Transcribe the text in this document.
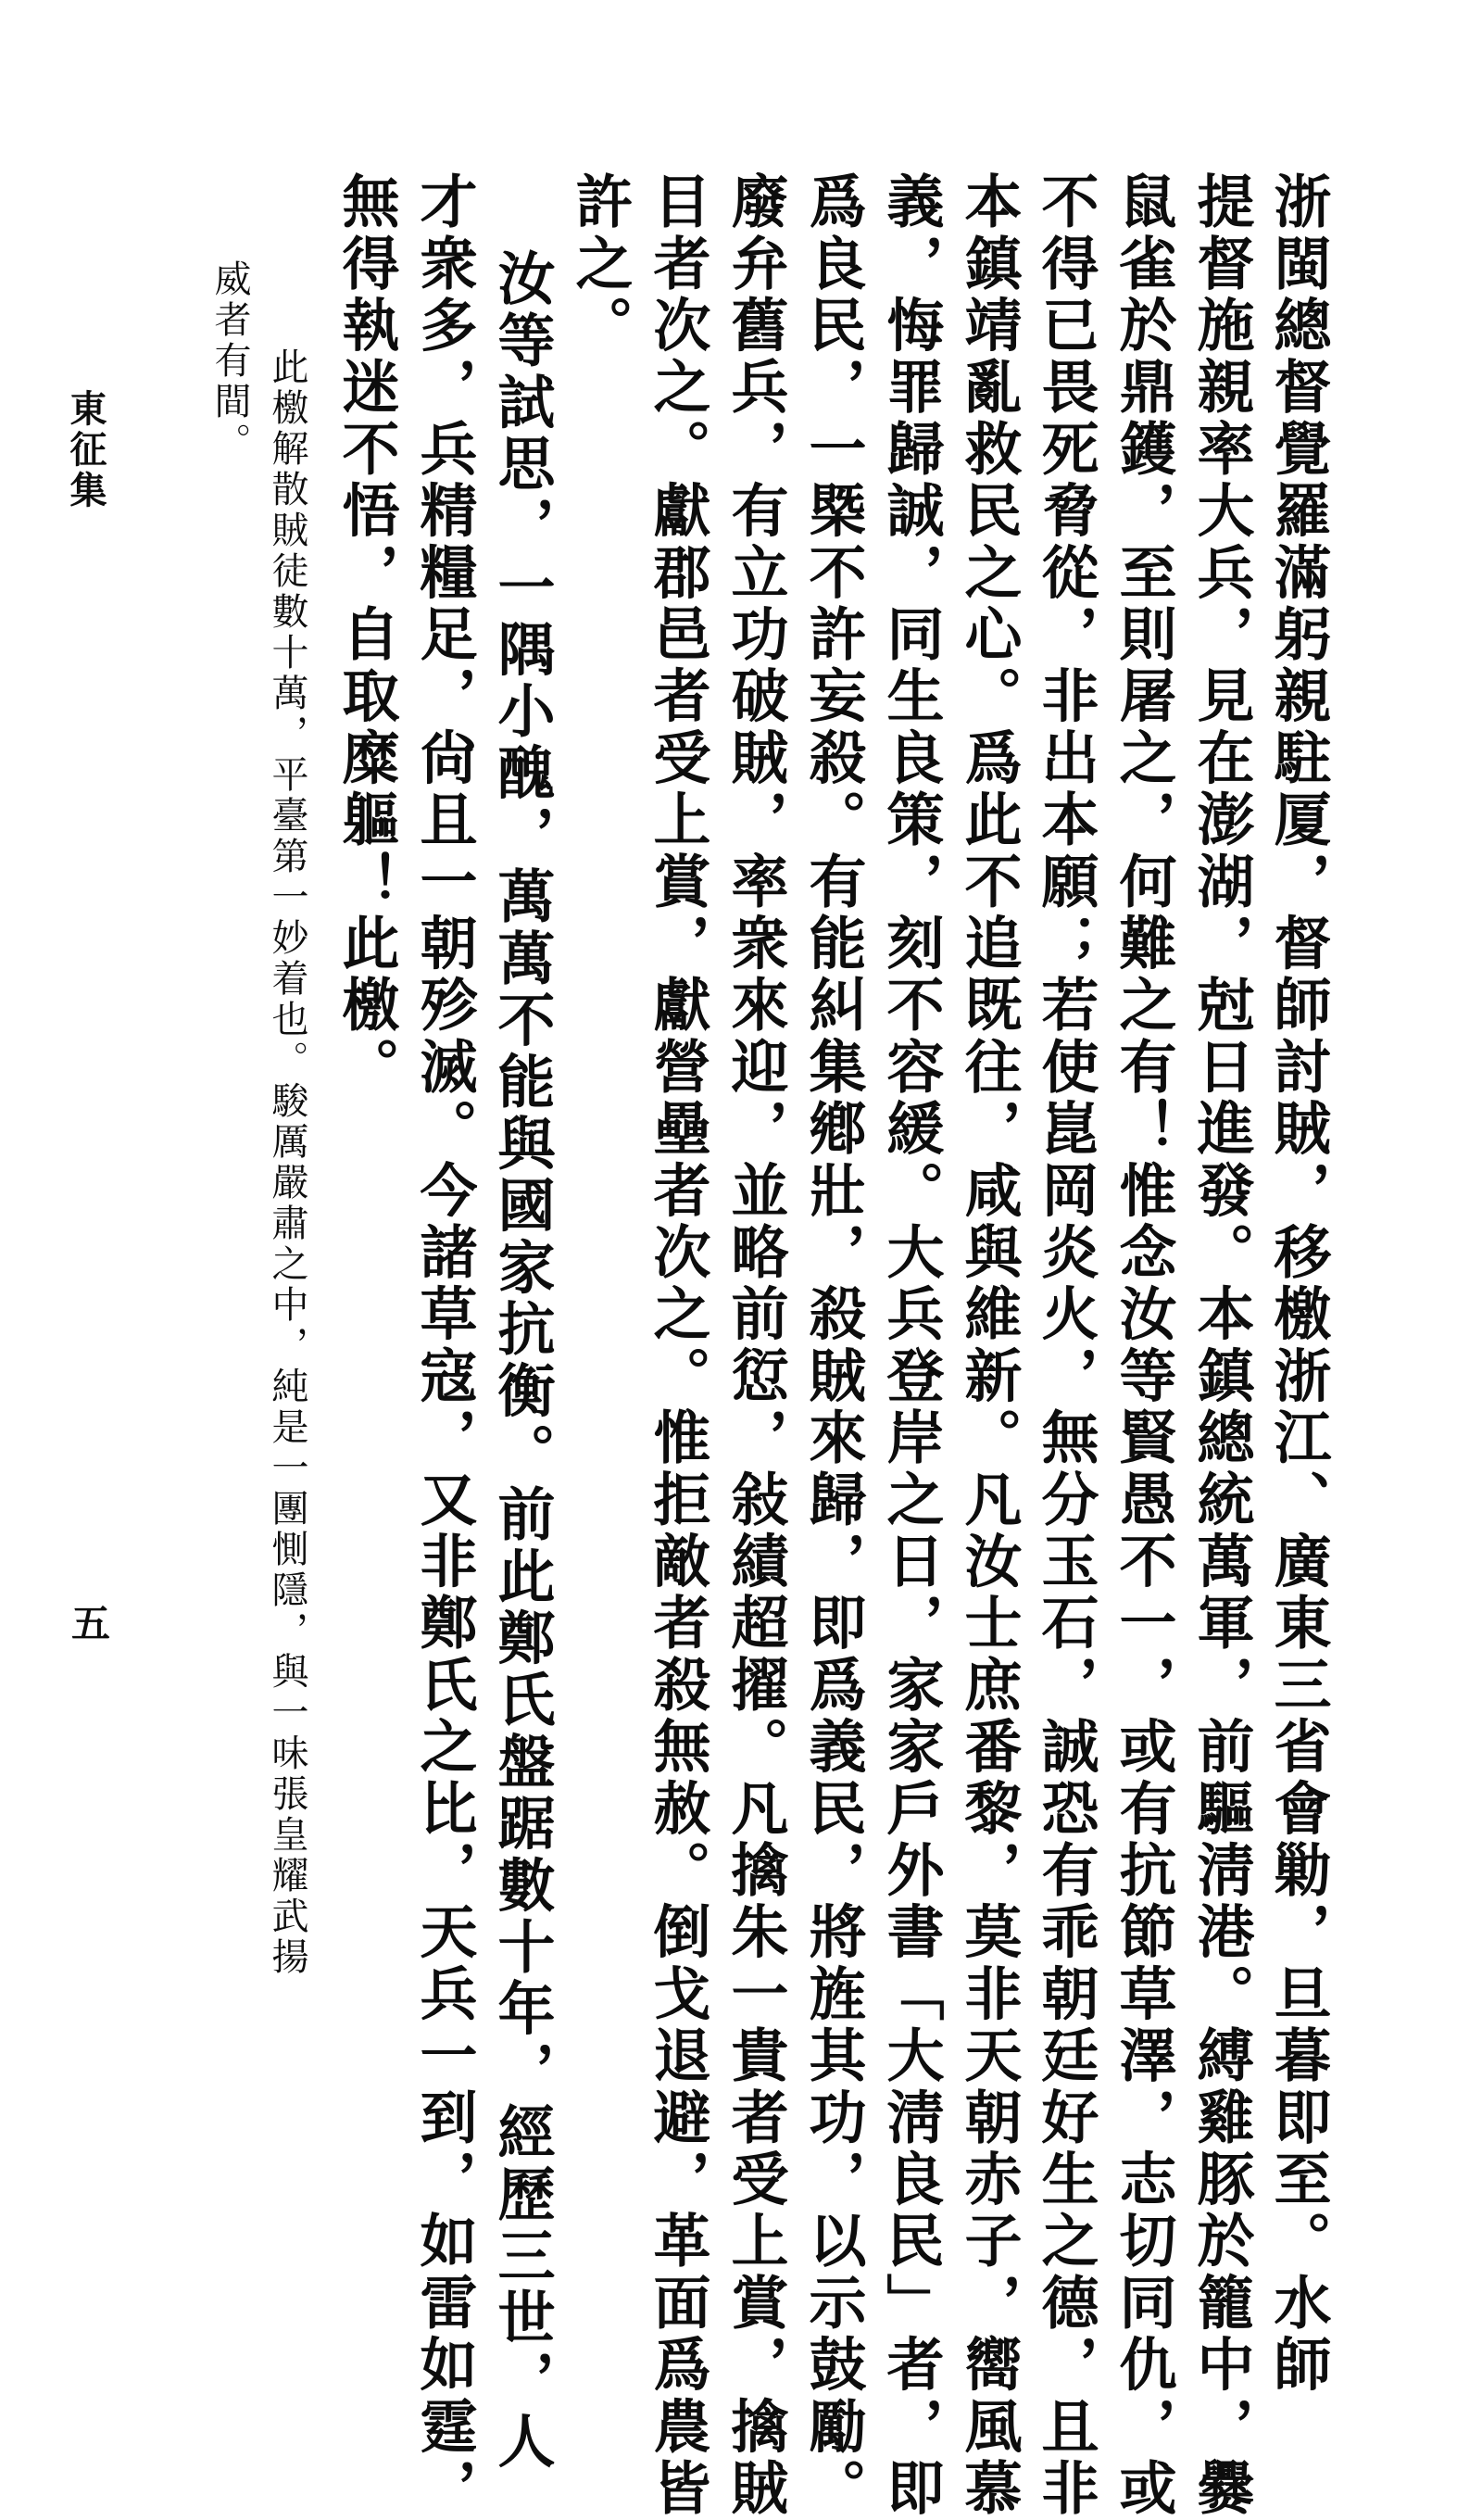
浙閩總督覺羅滿躬親駐厦，督師討賊，移檄浙江、廣東三省會勦，旦暮即至。水師
提督施親率大兵，見在澎湖，尅日進發。本鎮總統萬軍，前驅淸港。縛雞豚於籠中，爨
鼠雀於鼎鑊，至則屠之，何難之有！惟念汝等賢愚不一，或有抗節草澤，志切同仇，或
不得已畏死脅從，非出本願；若使崑岡炎火，無分玉石，誠恐有乖朝廷好生之德，且非
本鎮靖亂救民之心。爲此不追既往，咸與維新。凡汝士庶番黎，莫非天朝赤子，嚮風慕
義，悔罪歸誠，同生良策，刻不容緩。大兵登岸之日，家家戶外書「大淸良民」者，即
爲良民，一槩不許妄殺。有能糾集鄕壯，殺賊來歸，即爲義民，將旌其功，以示鼓勵。
廢弁舊兵，有立功破賊，率衆來迎，並略前愆，敍績超擢。凡擒朱一貴者受上賞，擒賊
目者次之。獻郡邑者受上賞，獻營壘者次之。惟拒敵者殺無赦。倒戈退避，革面爲農皆
許之。
汝等試思，一隅小醜，萬萬不能與國家抗衡。前此鄭氏盤踞數十年，經歷三世，人
才衆多，兵精糧足，尙且一朝殄滅。今諸草寇，又非鄭氏之比，天兵一到，如雷如霆，
無得執迷不悟，自取糜軀！此檄。
此檄解散賊徒數十萬，平臺第一妙着也。駿厲嚴肅之中，純是一團惻隱，與一味張皇耀武揚
威者有間。
東征集
五
